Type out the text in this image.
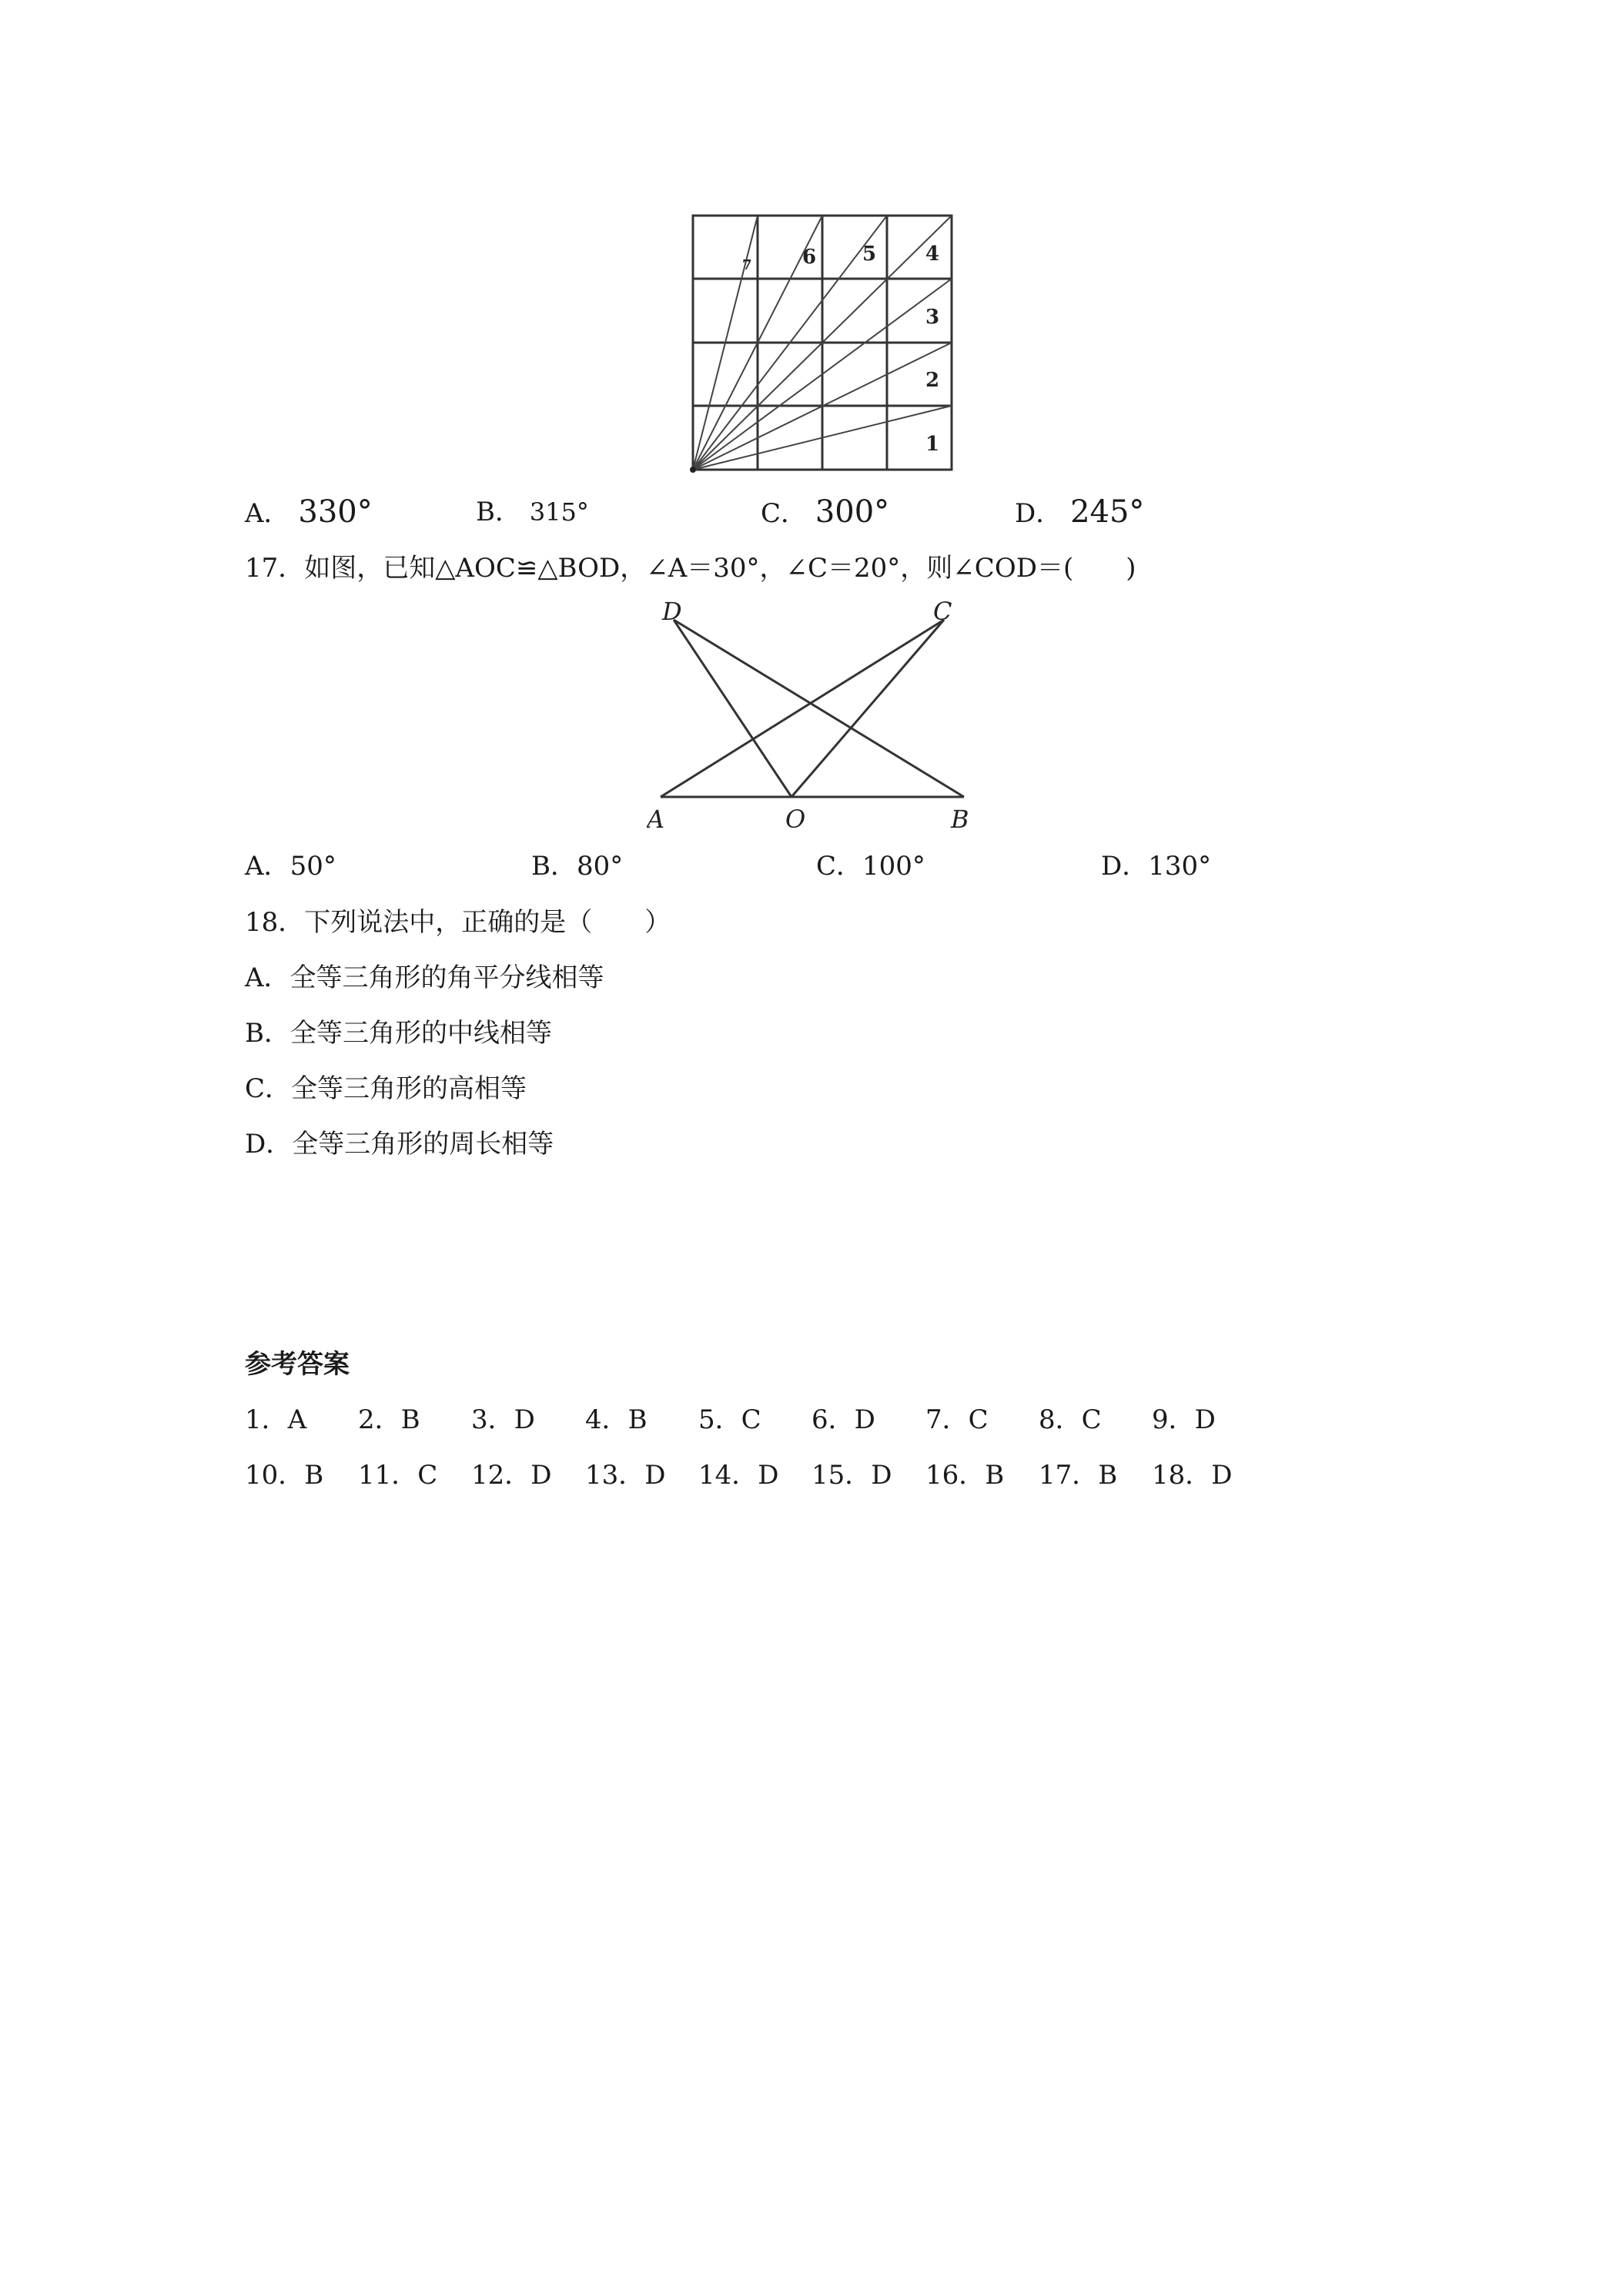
1
2
3
4
5
6
7
A． 330°	B． 315°	C． 300°	D． 245°
17．如图，已知△AOC≌△BOD，∠A＝30°，∠C＝20°，则∠COD＝(　　)
D	C
A	O	B
A．50°	B．80°	C．100°	D．130°
18．下列说法中，正确的是（　　）
A．全等三角形的角平分线相等
B．全等三角形的中线相等
C．全等三角形的高相等
D．全等三角形的周长相等
参考答案
1．A 2．B 3．D 4．B 5．C 6．D 7．C 8．C 9．D
10．B 11．C 12．D 13．D 14．D 15．D 16．B 17．B 18．D
